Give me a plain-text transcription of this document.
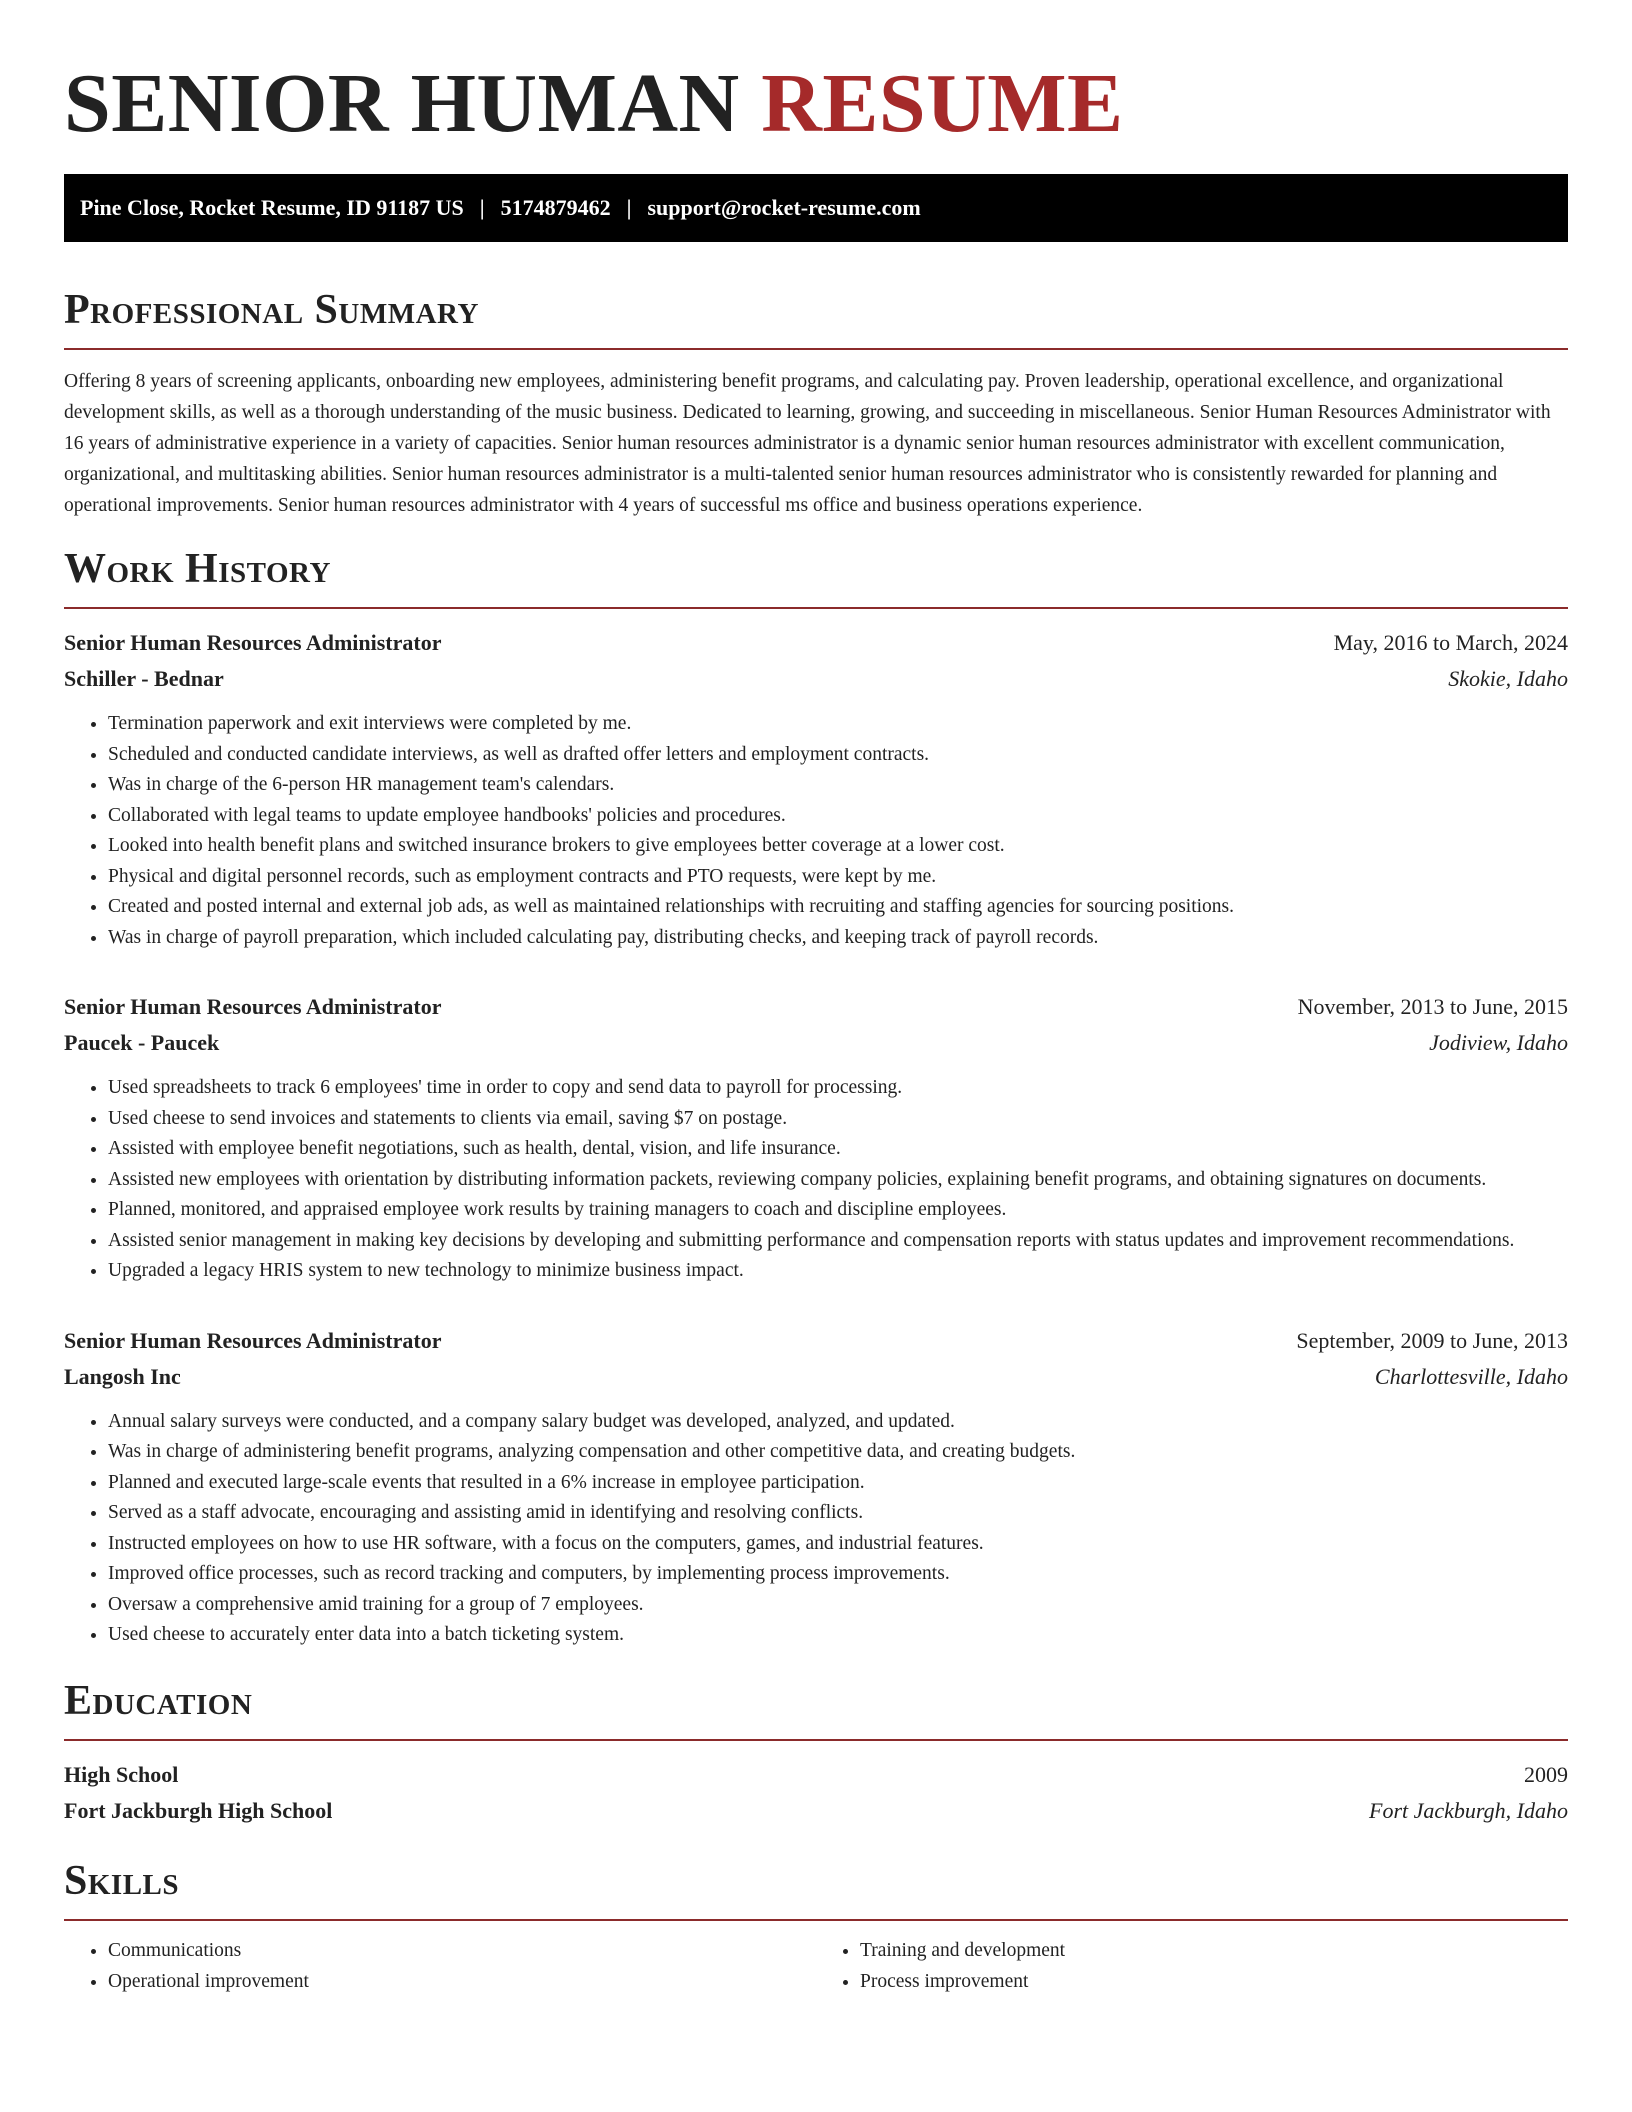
SENIOR HUMAN RESUME
Pine Close, Rocket Resume, ID 91187 US | 5174879462 | support@rocket-resume.com
Professional Summary

Offering 8 years of screening applicants, onboarding new employees, administering benefit programs, and calculating pay. Proven leadership, operational excellence, and organizational development skills, as well as a thorough understanding of the music business. Dedicated to learning, growing, and succeeding in miscellaneous. Senior Human Resources Administrator with 16 years of administrative experience in a variety of capacities. Senior human resources administrator is a dynamic senior human resources administrator with excellent communication, organizational, and multitasking abilities. Senior human resources administrator is a multi-talented senior human resources administrator who is consistently rewarded for planning and operational improvements. Senior human resources administrator with 4 years of successful ms office and business operations experience.

Work History
Senior Human Resources Administrator	May, 2016 to March, 2024
Schiller - Bednar	Skokie, Idaho
• Termination paperwork and exit interviews were completed by me.
• Scheduled and conducted candidate interviews, as well as drafted offer letters and employment contracts.
• Was in charge of the 6-person HR management team's calendars.
• Collaborated with legal teams to update employee handbooks' policies and procedures.
• Looked into health benefit plans and switched insurance brokers to give employees better coverage at a lower cost.
• Physical and digital personnel records, such as employment contracts and PTO requests, were kept by me.
• Created and posted internal and external job ads, as well as maintained relationships with recruiting and staffing agencies for sourcing positions.
• Was in charge of payroll preparation, which included calculating pay, distributing checks, and keeping track of payroll records.
Senior Human Resources Administrator	November, 2013 to June, 2015
Paucek - Paucek	Jodiview, Idaho
• Used spreadsheets to track 6 employees' time in order to copy and send data to payroll for processing.
• Used cheese to send invoices and statements to clients via email, saving $7 on postage.
• Assisted with employee benefit negotiations, such as health, dental, vision, and life insurance.
• Assisted new employees with orientation by distributing information packets, reviewing company policies, explaining benefit programs, and obtaining signatures on documents.
• Planned, monitored, and appraised employee work results by training managers to coach and discipline employees.
• Assisted senior management in making key decisions by developing and submitting performance and compensation reports with status updates and improvement recommendations.
• Upgraded a legacy HRIS system to new technology to minimize business impact.
Senior Human Resources Administrator	September, 2009 to June, 2013
Langosh Inc	Charlottesville, Idaho
• Annual salary surveys were conducted, and a company salary budget was developed, analyzed, and updated.
• Was in charge of administering benefit programs, analyzing compensation and other competitive data, and creating budgets.
• Planned and executed large-scale events that resulted in a 6% increase in employee participation.
• Served as a staff advocate, encouraging and assisting amid in identifying and resolving conflicts.
• Instructed employees on how to use HR software, with a focus on the computers, games, and industrial features.
• Improved office processes, such as record tracking and computers, by implementing process improvements.
• Oversaw a comprehensive amid training for a group of 7 employees.
• Used cheese to accurately enter data into a batch ticketing system.
Education
High School	2009
Fort Jackburgh High School	Fort Jackburgh, Idaho
Skills
• Communications
• Operational improvement
• Training and development
• Process improvement
